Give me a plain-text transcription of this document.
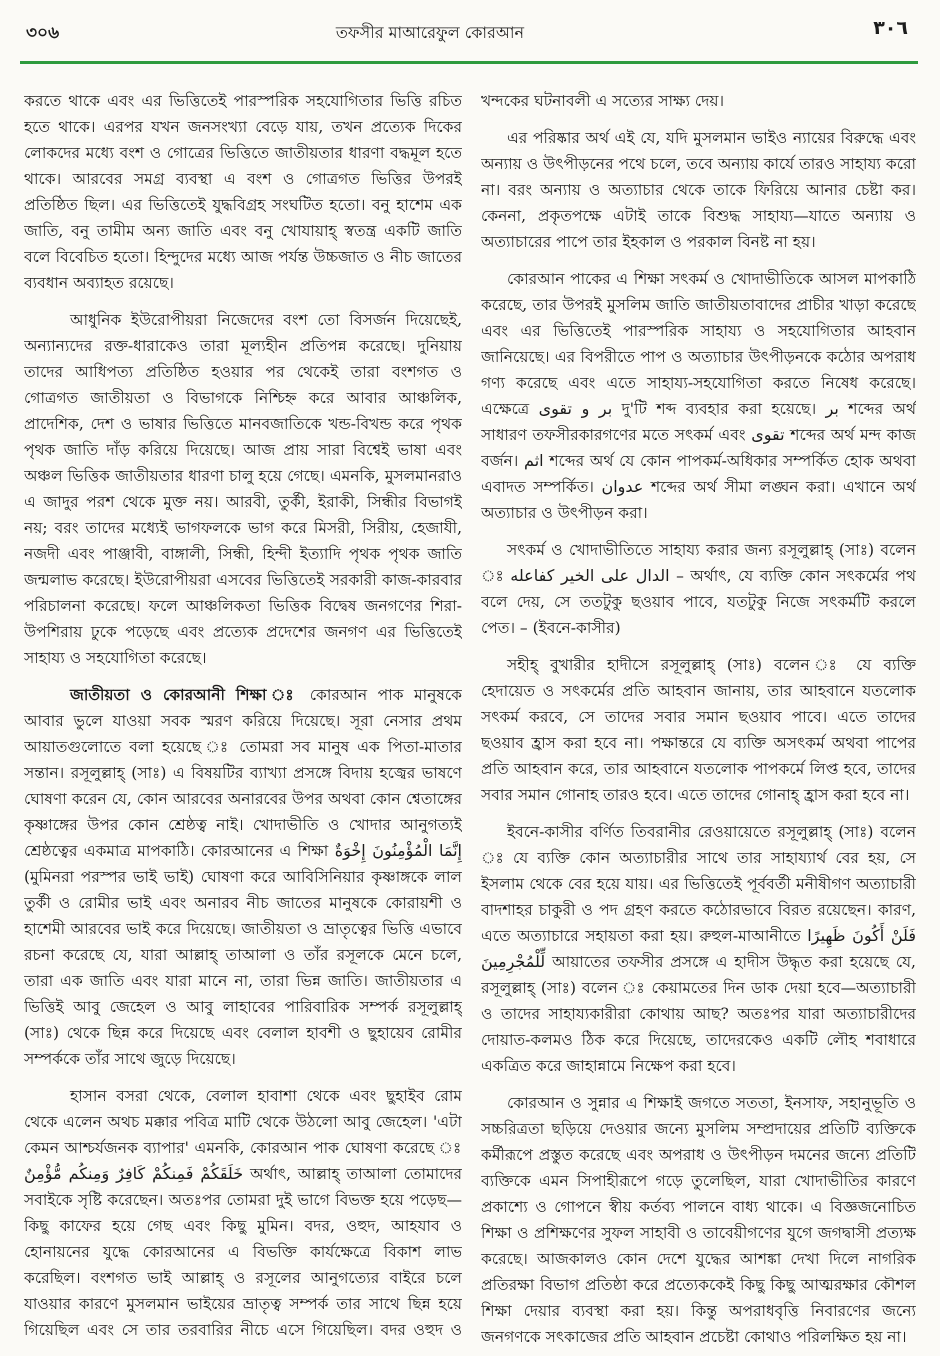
৩০৬	তফসীর মাআরেফুল কোরআন	٣٠٦

করতে থাকে এবং এর ভিত্তিতেই পারস্পরিক সহযোগিতার ভিত্তি রচিত হতে থাকে। এরপর যখন জনসংখ্যা বেড়ে যায়, তখন প্রত্যেক দিকের লোকদের মধ্যে বংশ ও গোত্রের ভিত্তিতে জাতীয়তার ধারণা বদ্ধমূল হতে থাকে। আরবের সমগ্র ব্যবস্থা এ বংশ ও গোত্রগত ভিত্তির উপরই প্রতিষ্ঠিত ছিল। এর ভিত্তিতেই যুদ্ধবিগ্রহ সংঘটিত হতো। বনু হাশেম এক জাতি, বনু তামীম অন্য জাতি এবং বনু খোযায়াহ্ স্বতন্ত্র একটি জাতি বলে বিবেচিত হতো। হিন্দুদের মধ্যে আজ পর্যন্ত উচ্চজাত ও নীচ জাতের ব্যবধান অব্যাহত রয়েছে।

আধুনিক ইউরোপীয়রা নিজেদের বংশ তো বিসর্জন দিয়েছেই, অন্যান্যদের রক্ত-ধারাকেও তারা মূল্যহীন প্রতিপন্ন করেছে। দুনিয়ায় তাদের আধিপত্য প্রতিষ্ঠিত হওয়ার পর থেকেই তারা বংশগত ও গোত্রগত জাতীয়তা ও বিভাগকে নিশ্চিহ্ন করে আবার আঞ্চলিক, প্রাদেশিক, দেশ ও ভাষার ভিত্তিতে মানবজাতিকে খন্ড-বিখন্ড করে পৃথক পৃথক জাতি দাঁড় করিয়ে দিয়েছে। আজ প্রায় সারা বিশ্বেই ভাষা এবং অঞ্চল ভিত্তিক জাতীয়তার ধারণা চালু হয়ে গেছে। এমনকি, মুসলমানরাও এ জাদুর পরশ থেকে মুক্ত নয়। আরবী, তুর্কী, ইরাকী, সিন্ধীর বিভাগই নয়; বরং তাদের মধ্যেই ভাগফলকে ভাগ করে মিসরী, সিরীয়, হেজাযী, নজদী এবং পাঞ্জাবী, বাঙ্গালী, সিন্ধী, হিন্দী ইত্যাদি পৃথক পৃথক জাতি জন্মলাভ করেছে। ইউরোপীয়রা এসবের ভিত্তিতেই সরকারী কাজ-কারবার পরিচালনা করেছে। ফলে আঞ্চলিকতা ভিত্তিক বিদ্বেষ জনগণের শিরা-উপশিরায় ঢুকে পড়েছে এবং প্রত্যেক প্রদেশের জনগণ এর ভিত্তিতেই সাহায্য ও সহযোগিতা করেছে।

জাতীয়তা ও কোরআনী শিক্ষা ঃ কোরআন পাক মানুষকে আবার ভুলে যাওয়া সবক স্মরণ করিয়ে দিয়েছে। সূরা নেসার প্রথম আয়াতগুলোতে বলা হয়েছে ঃ তোমরা সব মানুষ এক পিতা-মাতার সন্তান। রসূলুল্লাহ্ (সাঃ) এ বিষয়টির ব্যাখ্যা প্রসঙ্গে বিদায় হজ্বের ভাষণে ঘোষণা করেন যে, কোন আরবের অনারবের উপর অথবা কোন শ্বেতাঙ্গের কৃষ্ণাঙ্গের উপর কোন শ্রেষ্ঠত্ব নাই। খোদাভীতি ও খোদার আনুগত্যই শ্রেষ্ঠত্বের একমাত্র মাপকাঠি। কোরআনের এ শিক্ষা إِنَّمَا الْمُؤْمِنُونَ إِخْوَةٌ (মুমিনরা পরস্পর ভাই ভাই) ঘোষণা করে আবিসিনিয়ার কৃষ্ণাঙ্গকে লাল তুর্কী ও রোমীর ভাই এবং অনারব নীচ জাতের মানুষকে কোরায়শী ও হাশেমী আরবের ভাই করে দিয়েছে। জাতীয়তা ও ভ্রাতৃত্বের ভিত্তি এভাবে রচনা করেছে যে, যারা আল্লাহ্ তাআলা ও তাঁর রসূলকে মেনে চলে, তারা এক জাতি এবং যারা মানে না, তারা ভিন্ন জাতি। জাতীয়তার এ ভিত্তিই আবু জেহেল ও আবু লাহাবের পারিবারিক সম্পর্ক রসূলুল্লাহ্ (সাঃ) থেকে ছিন্ন করে দিয়েছে এবং বেলাল হাবশী ও ছুহায়েব রোমীর সম্পর্ককে তাঁর সাথে জুড়ে দিয়েছে।

হাসান বসরা থেকে, বেলাল হাবাশা থেকে এবং ছুহাইব রোম থেকে এলেন অথচ মক্কার পবিত্র মাটি থেকে উঠলো আবু জেহেল। 'এটা কেমন আশ্চর্যজনক ব্যাপার' এমনকি, কোরআন পাক ঘোষণা করেছে ঃ خَلَقَكُمْ فَمِنكُمْ كَافِرٌ وَمِنكُم مُّؤْمِنٌ অর্থাৎ, আল্লাহ্ তাআলা তোমাদের সবাইকে সৃষ্টি করেছেন। অতঃপর তোমরা দুই ভাগে বিভক্ত হয়ে পড়েছ— কিছু কাফের হয়ে গেছ এবং কিছু মুমিন। বদর, ওহুদ, আহযাব ও হোনায়নের যুদ্ধে কোরআনের এ বিভক্তি কার্যক্ষেত্রে বিকাশ লাভ করেছিল। বংশগত ভাই আল্লাহ্ ও রসূলের আনুগত্যের বাইরে চলে যাওয়ার কারণে মুসলমান ভাইয়ের ভ্রাতৃত্ব সম্পর্ক তার সাথে ছিন্ন হয়ে গিয়েছিল এবং সে তার তরবারির নীচে এসে গিয়েছিল। বদর ওহুদ ও

খন্দকের ঘটনাবলী এ সত্যের সাক্ষ্য দেয়।

এর পরিষ্কার অর্থ এই যে, যদি মুসলমান ভাইও ন্যায়ের বিরুদ্ধে এবং অন্যায় ও উৎপীড়নের পথে চলে, তবে অন্যায় কার্যে তারও সাহায্য করো না। বরং অন্যায় ও অত্যাচার থেকে তাকে ফিরিয়ে আনার চেষ্টা কর। কেননা, প্রকৃতপক্ষে এটাই তাকে বিশুদ্ধ সাহায্য—যাতে অন্যায় ও অত্যাচারের পাপে তার ইহকাল ও পরকাল বিনষ্ট না হয়।

কোরআন পাকের এ শিক্ষা সৎকর্ম ও খোদাভীতিকে আসল মাপকাঠি করেছে, তার উপরই মুসলিম জাতি জাতীয়তাবাদের প্রাচীর খাড়া করেছে এবং এর ভিত্তিতেই পারস্পরিক সাহায্য ও সহযোগিতার আহবান জানিয়েছে। এর বিপরীতে পাপ ও অত্যাচার উৎপীড়নকে কঠোর অপরাধ গণ্য করেছে এবং এতে সাহায্য-সহযোগিতা করতে নিষেধ করেছে। এক্ষেত্রে بر و تقوى দু'টি শব্দ ব্যবহার করা হয়েছে। بر শব্দের অর্থ সাধারণ তফসীরকারগণের মতে সৎকর্ম এবং تقوى শব্দের অর্থ মন্দ কাজ বর্জন। اثم শব্দের অর্থ যে কোন পাপকর্ম-অধিকার সম্পর্কিত হোক অথবা এবাদত সম্পর্কিত। عدوان শব্দের অর্থ সীমা লঙ্ঘন করা। এখানে অর্থ অত্যাচার ও উৎপীড়ন করা।

সৎকর্ম ও খোদাভীতিতে সাহায্য করার জন্য রসূলুল্লাহ্ (সাঃ) বলেন ঃ الدال على الخير كفاعله – অর্থাৎ, যে ব্যক্তি কোন সৎকর্মের পথ বলে দেয়, সে ততটুকু ছওয়াব পাবে, যতটুকু নিজে সৎকর্মটি করলে পেত। – (ইবনে-কাসীর)

সহীহ্ বুখারীর হাদীসে রসূলুল্লাহ্ (সাঃ) বলেন ঃ যে ব্যক্তি হেদায়েত ও সৎকর্মের প্রতি আহবান জানায়, তার আহবানে যতলোক সৎকর্ম করবে, সে তাদের সবার সমান ছওয়াব পাবে। এতে তাদের ছওয়াব হ্রাস করা হবে না। পক্ষান্তরে যে ব্যক্তি অসৎকর্ম অথবা পাপের প্রতি আহবান করে, তার আহবানে যতলোক পাপকর্মে লিপ্ত হবে, তাদের সবার সমান গোনাহ তারও হবে। এতে তাদের গোনাহ্ হ্রাস করা হবে না।

ইবনে-কাসীর বর্ণিত তিবরানীর রেওয়ায়েতে রসূলুল্লাহ্ (সাঃ) বলেন ঃ যে ব্যক্তি কোন অত্যাচারীর সাথে তার সাহায্যার্থ বের হয়, সে ইসলাম থেকে বের হয়ে যায়। এর ভিত্তিতেই পূর্ববর্তী মনীষীগণ অত্যাচারী বাদশাহর চাকুরী ও পদ গ্রহণ করতে কঠোরভাবে বিরত রয়েছেন। কারণ, এতে অত্যাচারে সহায়তা করা হয়। রুহুল-মাআনীতে فَلَنْ أَكُونَ ظَهِيرًا لِّلْمُجْرِمِينَ আয়াতের তফসীর প্রসঙ্গে এ হাদীস উদ্ধৃত করা হয়েছে যে, রসূলুল্লাহ্ (সাঃ) বলেন ঃ কেয়ামতের দিন ডাক দেয়া হবে—অত্যাচারী ও তাদের সাহায্যকারীরা কোথায় আছ? অতঃপর যারা অত্যাচারীদের দোয়াত-কলমও ঠিক করে দিয়েছে, তাদেরকেও একটি লৌহ শবাধারে একত্রিত করে জাহান্নামে নিক্ষেপ করা হবে।

কোরআন ও সুন্নার এ শিক্ষাই জগতে সততা, ইনসাফ, সহানুভূতি ও সচ্চরিত্রতা ছড়িয়ে দেওয়ার জন্যে মুসলিম সম্প্রদায়ের প্রতিটি ব্যক্তিকে কর্মীরূপে প্রস্তুত করেছে এবং অপরাধ ও উৎপীড়ন দমনের জন্যে প্রতিটি ব্যক্তিকে এমন সিপাহীরূপে গড়ে তুলেছিল, যারা খোদাভীতির কারণে প্রকাশ্যে ও গোপনে স্বীয় কর্তব্য পালনে বাধ্য থাকে। এ বিজ্ঞজনোচিত শিক্ষা ও প্রশিক্ষণের সুফল সাহাবী ও তাবেয়ীগণের যুগে জগদ্বাসী প্রত্যক্ষ করেছে। আজকালও কোন দেশে যুদ্ধের আশঙ্কা দেখা দিলে নাগরিক প্রতিরক্ষা বিভাগ প্রতিষ্ঠা করে প্রত্যেককেই কিছু কিছু আত্মরক্ষার কৌশল শিক্ষা দেয়ার ব্যবস্থা করা হয়। কিন্তু অপরাধবৃত্তি নিবারণের জন্যে জনগণকে সৎকাজের প্রতি আহবান প্রচেষ্টা কোথাও পরিলক্ষিত হয় না।
